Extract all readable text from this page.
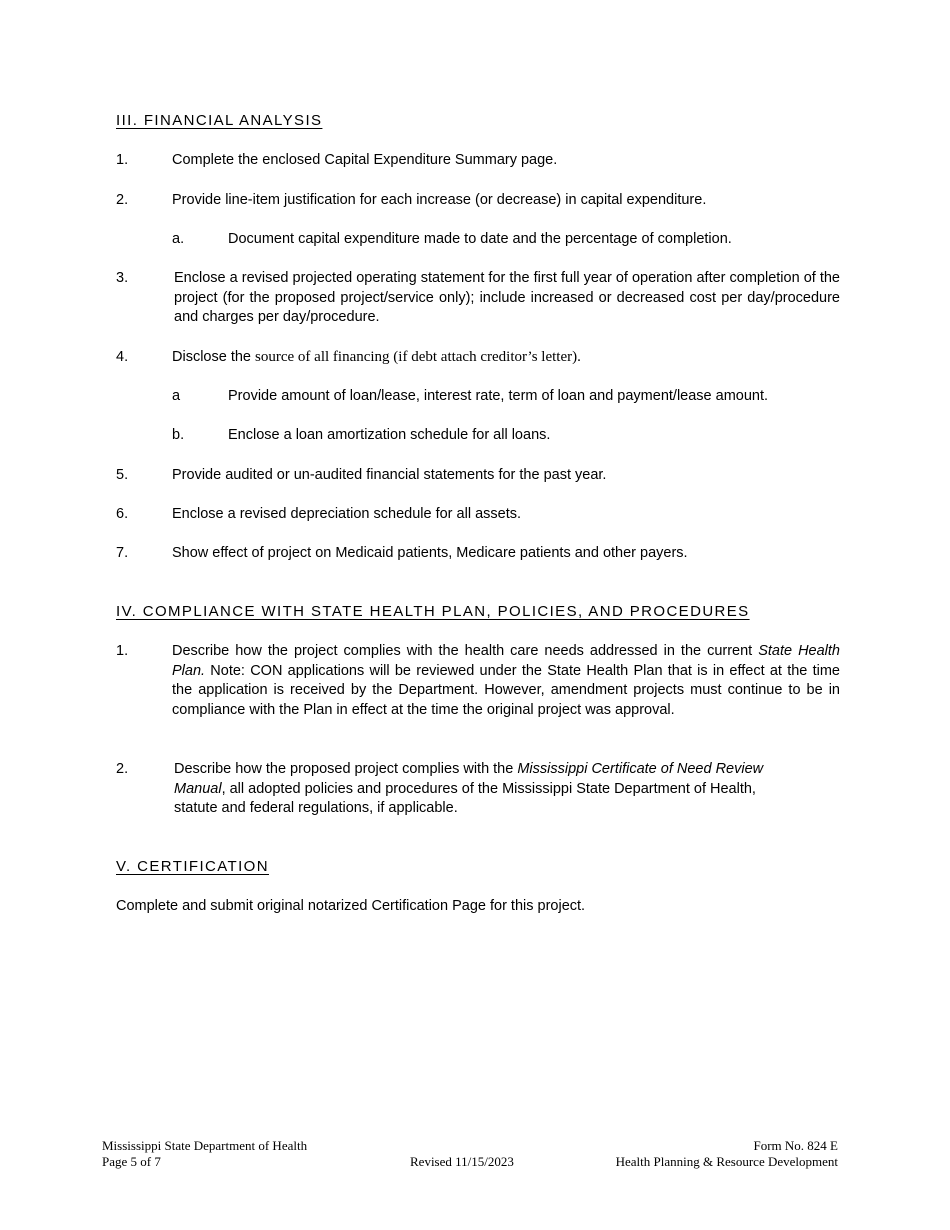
III. FINANCIAL ANALYSIS
1.	Complete the enclosed Capital Expenditure Summary page.
2.	Provide line-item justification for each increase (or decrease) in capital expenditure.
a.	Document capital expenditure made to date and the percentage of completion.
3.	Enclose a revised projected operating statement for the first full year of operation after completion of the project (for the proposed project/service only); include increased or decreased cost per day/procedure and charges per day/procedure.
4.	Disclose the source of all financing (if debt attach creditor’s letter).
a	Provide amount of loan/lease, interest rate, term of loan and payment/lease amount.
b.	Enclose a loan amortization schedule for all loans.
5.	Provide audited or un-audited financial statements for the past year.
6.	Enclose a revised depreciation schedule for all assets.
7.	Show effect of project on Medicaid patients, Medicare patients and other payers.
IV. COMPLIANCE WITH STATE HEALTH PLAN, POLICIES, AND PROCEDURES
1.	Describe how the project complies with the health care needs addressed in the current State Health Plan. Note: CON applications will be reviewed under the State Health Plan that is in effect at the time the application is received by the Department. However, amendment projects must continue to be in compliance with the Plan in effect at the time the original project was approval.
2.	Describe how the proposed project complies with the Mississippi Certificate of Need Review Manual, all adopted policies and procedures of the Mississippi State Department of Health, statute and federal regulations, if applicable.
V. CERTIFICATION
Complete and submit original notarized Certification Page for this project.
Mississippi State Department of Health
Page 5 of 7	Revised 11/15/2023
Form No. 824 E
Health Planning & Resource Development
